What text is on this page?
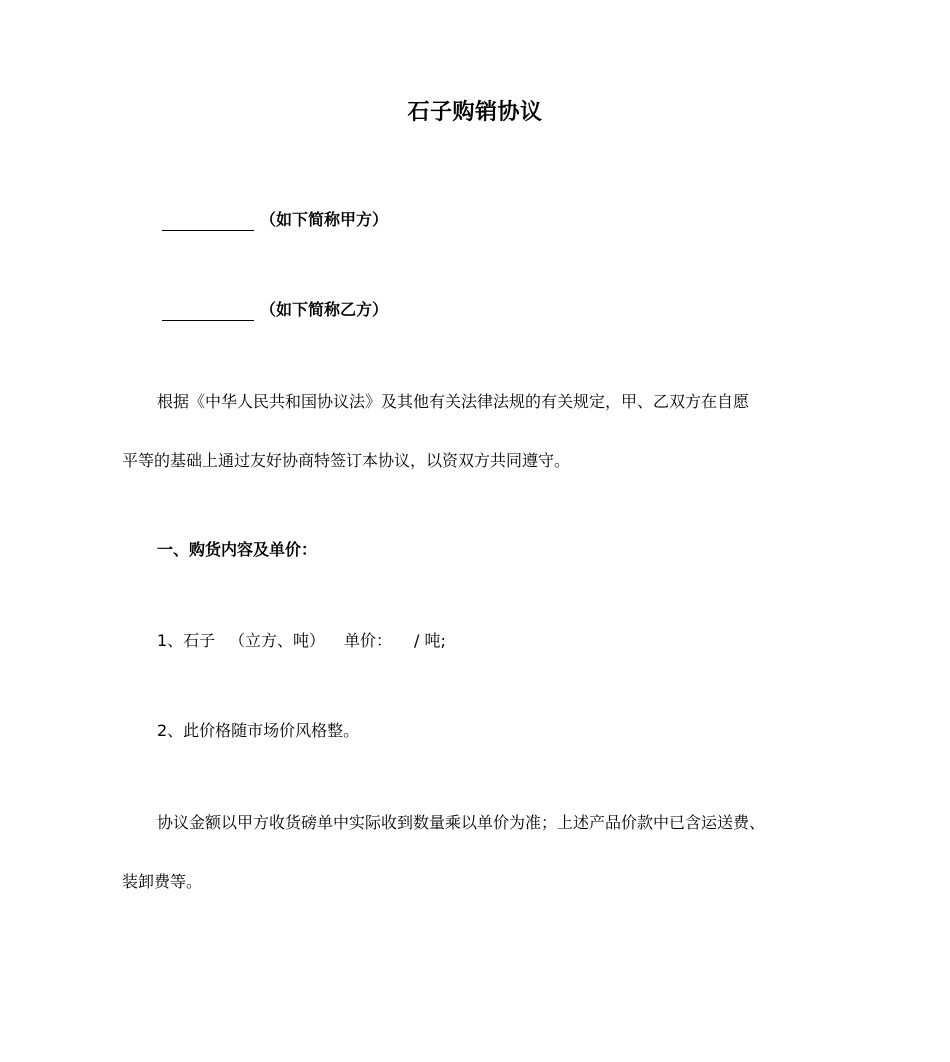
石子购销协议
（如下简称甲方）
（如下简称乙方）
根据《中华人民共和国协议法》及其他有关法律法规的有关规定，甲、乙双方在自愿
平等的基础上通过友好协商特签订本协议，以资双方共同遵守。
一、购货内容及单价：
1、石子 （立方、吨） 单价： / 吨;
2、此价格随市场价风格整。
协议金额以甲方收货磅单中实际收到数量乘以单价为准；上述产品价款中已含运送费、
装卸费等。
